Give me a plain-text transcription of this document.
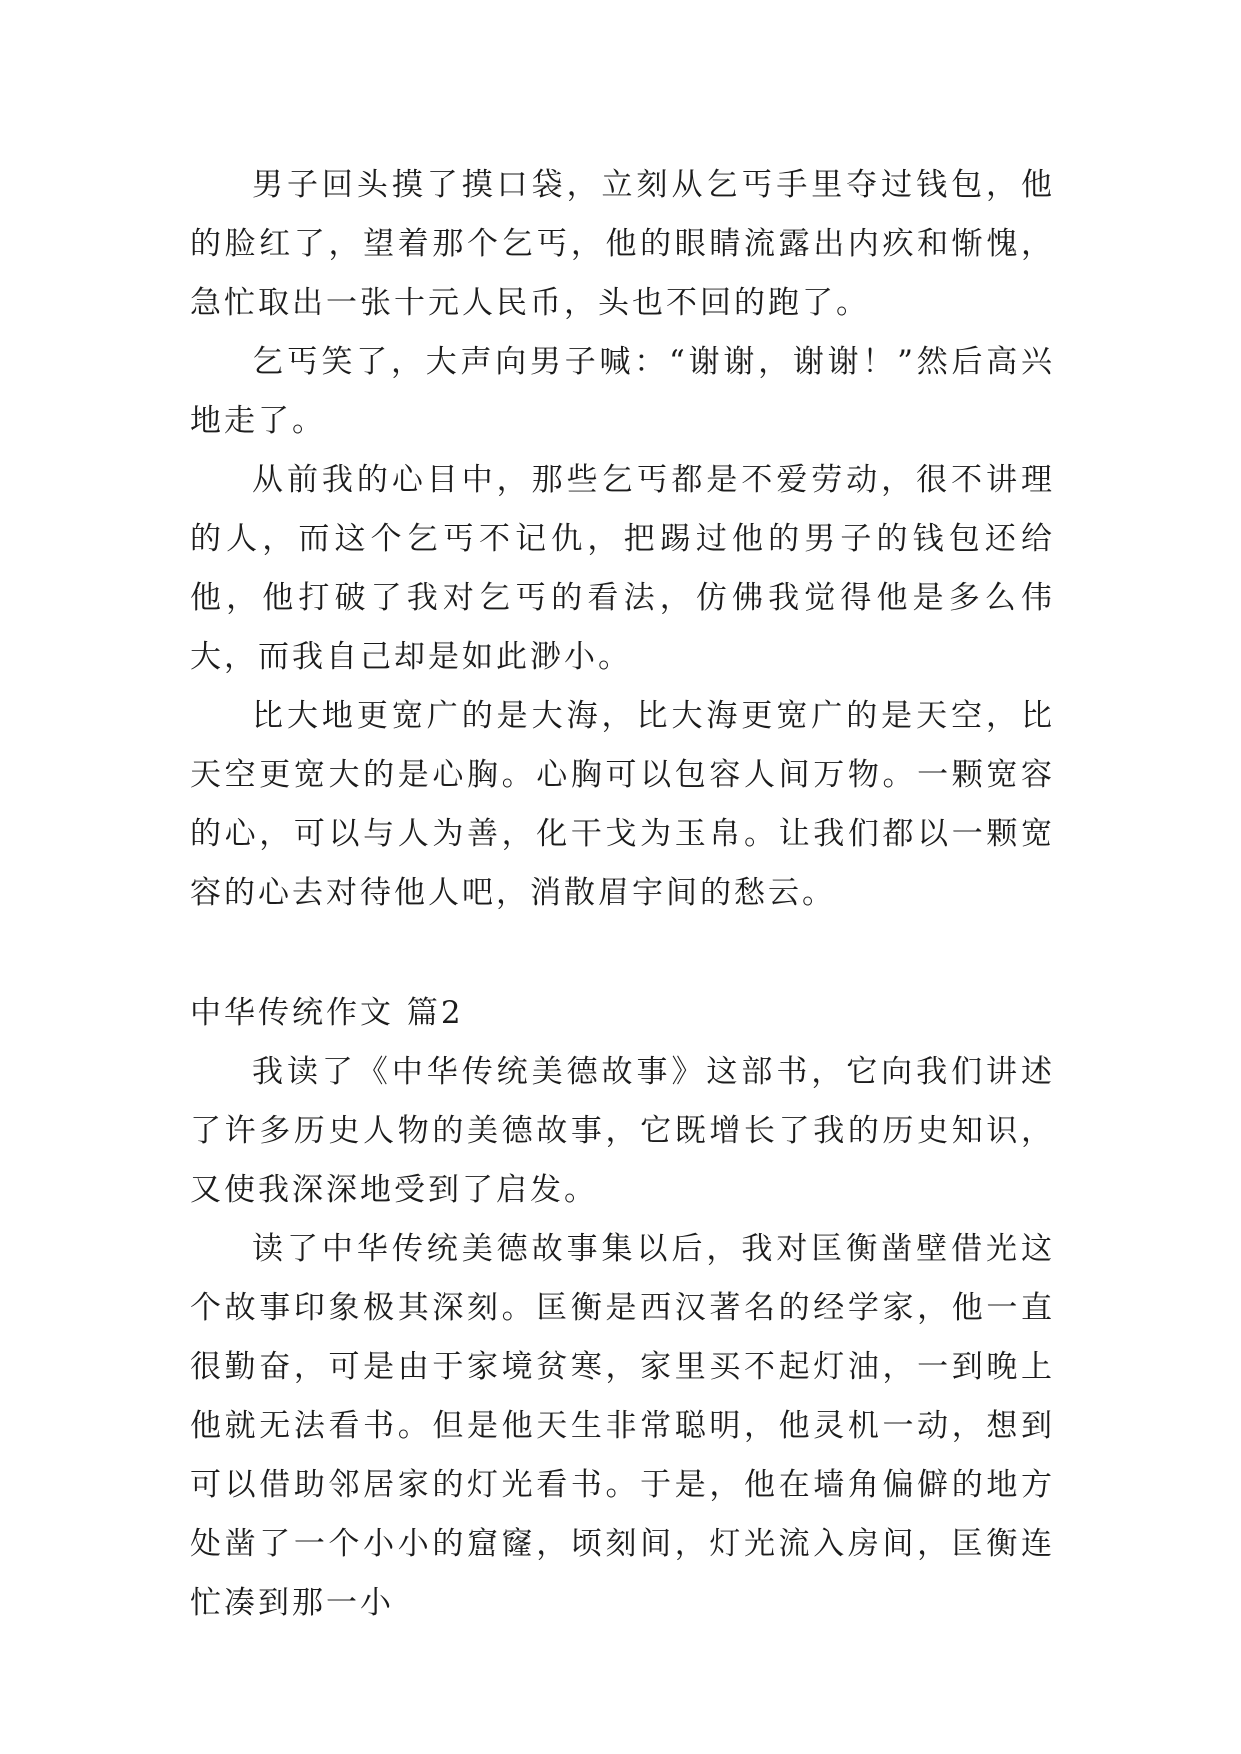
男子回头摸了摸口袋，立刻从乞丐手里夺过钱包，他的脸红了，望着那个乞丐，他的眼睛流露出内疚和惭愧，急忙取出一张十元人民币，头也不回的跑了。

乞丐笑了，大声向男子喊：“谢谢，谢谢！”然后高兴地走了。

从前我的心目中，那些乞丐都是不爱劳动，很不讲理的人，而这个乞丐不记仇，把踢过他的男子的钱包还给他，他打破了我对乞丐的看法，仿佛我觉得他是多么伟大，而我自己却是如此渺小。

比大地更宽广的是大海，比大海更宽广的是天空，比天空更宽大的是心胸。心胸可以包容人间万物。一颗宽容的心，可以与人为善，化干戈为玉帛。让我们都以一颗宽容的心去对待他人吧，消散眉宇间的愁云。

中华传统作文 篇2

我读了《中华传统美德故事》这部书，它向我们讲述了许多历史人物的美德故事，它既增长了我的历史知识，又使我深深地受到了启发。

读了中华传统美德故事集以后，我对匡衡凿壁借光这个故事印象极其深刻。匡衡是西汉著名的经学家，他一直很勤奋，可是由于家境贫寒，家里买不起灯油，一到晚上他就无法看书。但是他天生非常聪明，他灵机一动，想到可以借助邻居家的灯光看书。于是，他在墙角偏僻的地方处凿了一个小小的窟窿，顷刻间，灯光流入房间，匡衡连忙凑到那一小
